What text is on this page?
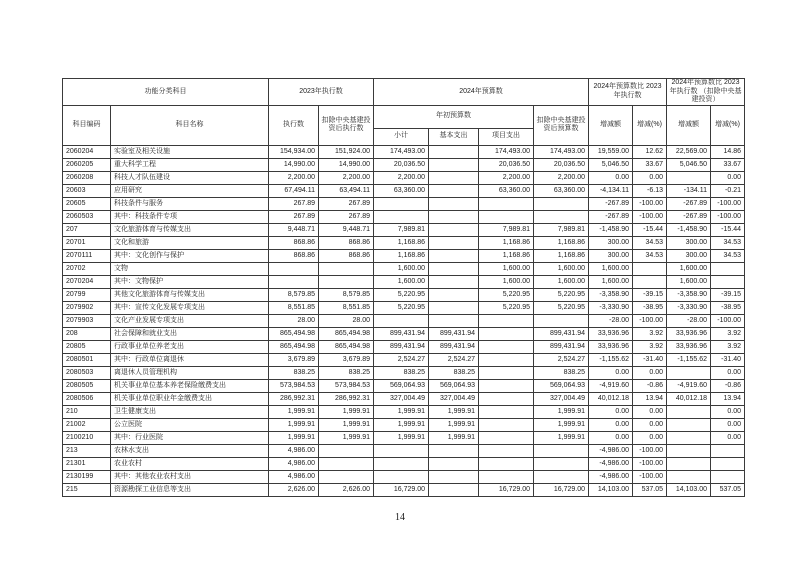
功能分类科目		2023年执行数		2024年预算数				2024年预算数比 2023年执行数		2024年预算数比 2023年执行数 （扣除中央基建投资）	
科目编码	科目名称	执行数	扣除中央基建投资后执行数	年初预算数			扣除中央基建投资后预算数	增减额	增减(%)	增减额	增减(%)
				小计	基本支出	项目支出					
2060204	实验室及相关设施	154,934.00	151,924.00	174,493.00		174,493.00	174,493.00	19,559.00	12.62	22,569.00	14.86
2060205	重大科学工程	14,990.00	14,990.00	20,036.50		20,036.50	20,036.50	5,046.50	33.67	5,046.50	33.67
2060208	科技人才队伍建设	2,200.00	2,200.00	2,200.00		2,200.00	2,200.00	0.00	0.00		0.00
20603	应用研究	67,494.11	63,494.11	63,360.00		63,360.00	63,360.00	-4,134.11	-6.13	-134.11	-0.21
20605	科技条件与服务	267.89	267.89					-267.89	-100.00	-267.89	-100.00
2060503	其中：科技条件专项	267.89	267.89					-267.89	-100.00	-267.89	-100.00
207	文化旅游体育与传媒支出	9,448.71	9,448.71	7,989.81		7,989.81	7,989.81	-1,458.90	-15.44	-1,458.90	-15.44
20701	文化和旅游	868.86	868.86	1,168.86		1,168.86	1,168.86	300.00	34.53	300.00	34.53
2070111	其中：文化创作与保护	868.86	868.86	1,168.86		1,168.86	1,168.86	300.00	34.53	300.00	34.53
20702	文物			1,600.00		1,600.00	1,600.00	1,600.00		1,600.00	
2070204	其中：文物保护			1,600.00		1,600.00	1,600.00	1,600.00		1,600.00	
20799	其他文化旅游体育与传媒支出	8,579.85	8,579.85	5,220.95		5,220.95	5,220.95	-3,358.90	-39.15	-3,358.90	-39.15
2079902	其中：宣传文化发展专项支出	8,551.85	8,551.85	5,220.95		5,220.95	5,220.95	-3,330.90	-38.95	-3,330.90	-38.95
2079903	文化产业发展专项支出	28.00	28.00					-28.00	-100.00	-28.00	-100.00
208	社会保障和就业支出	865,494.98	865,494.98	899,431.94	899,431.94		899,431.94	33,936.96	3.92	33,936.96	3.92
20805	行政事业单位养老支出	865,494.98	865,494.98	899,431.94	899,431.94		899,431.94	33,936.96	3.92	33,936.96	3.92
2080501	其中：行政单位离退休	3,679.89	3,679.89	2,524.27	2,524.27		2,524.27	-1,155.62	-31.40	-1,155.62	-31.40
2080503	离退休人员管理机构	838.25	838.25	838.25	838.25		838.25	0.00	0.00		0.00
2080505	机关事业单位基本养老保险缴费支出	573,984.53	573,984.53	569,064.93	569,064.93		569,064.93	-4,919.60	-0.86	-4,919.60	-0.86
2080506	机关事业单位职业年金缴费支出	286,992.31	286,992.31	327,004.49	327,004.49		327,004.49	40,012.18	13.94	40,012.18	13.94
210	卫生健康支出	1,999.91	1,999.91	1,999.91	1,999.91		1,999.91	0.00	0.00		0.00
21002	公立医院	1,999.91	1,999.91	1,999.91	1,999.91		1,999.91	0.00	0.00		0.00
2100210	其中：行业医院	1,999.91	1,999.91	1,999.91	1,999.91		1,999.91	0.00	0.00		0.00
213	农林水支出	4,986.00						-4,986.00	-100.00		
21301	农业农村	4,986.00						-4,986.00	-100.00		
2130199	其中：其他农业农村支出	4,986.00						-4,986.00	-100.00		
215	资源勘探工业信息等支出	2,626.00	2,626.00	16,729.00		16,729.00	16,729.00	14,103.00	537.05	14,103.00	537.05
14
